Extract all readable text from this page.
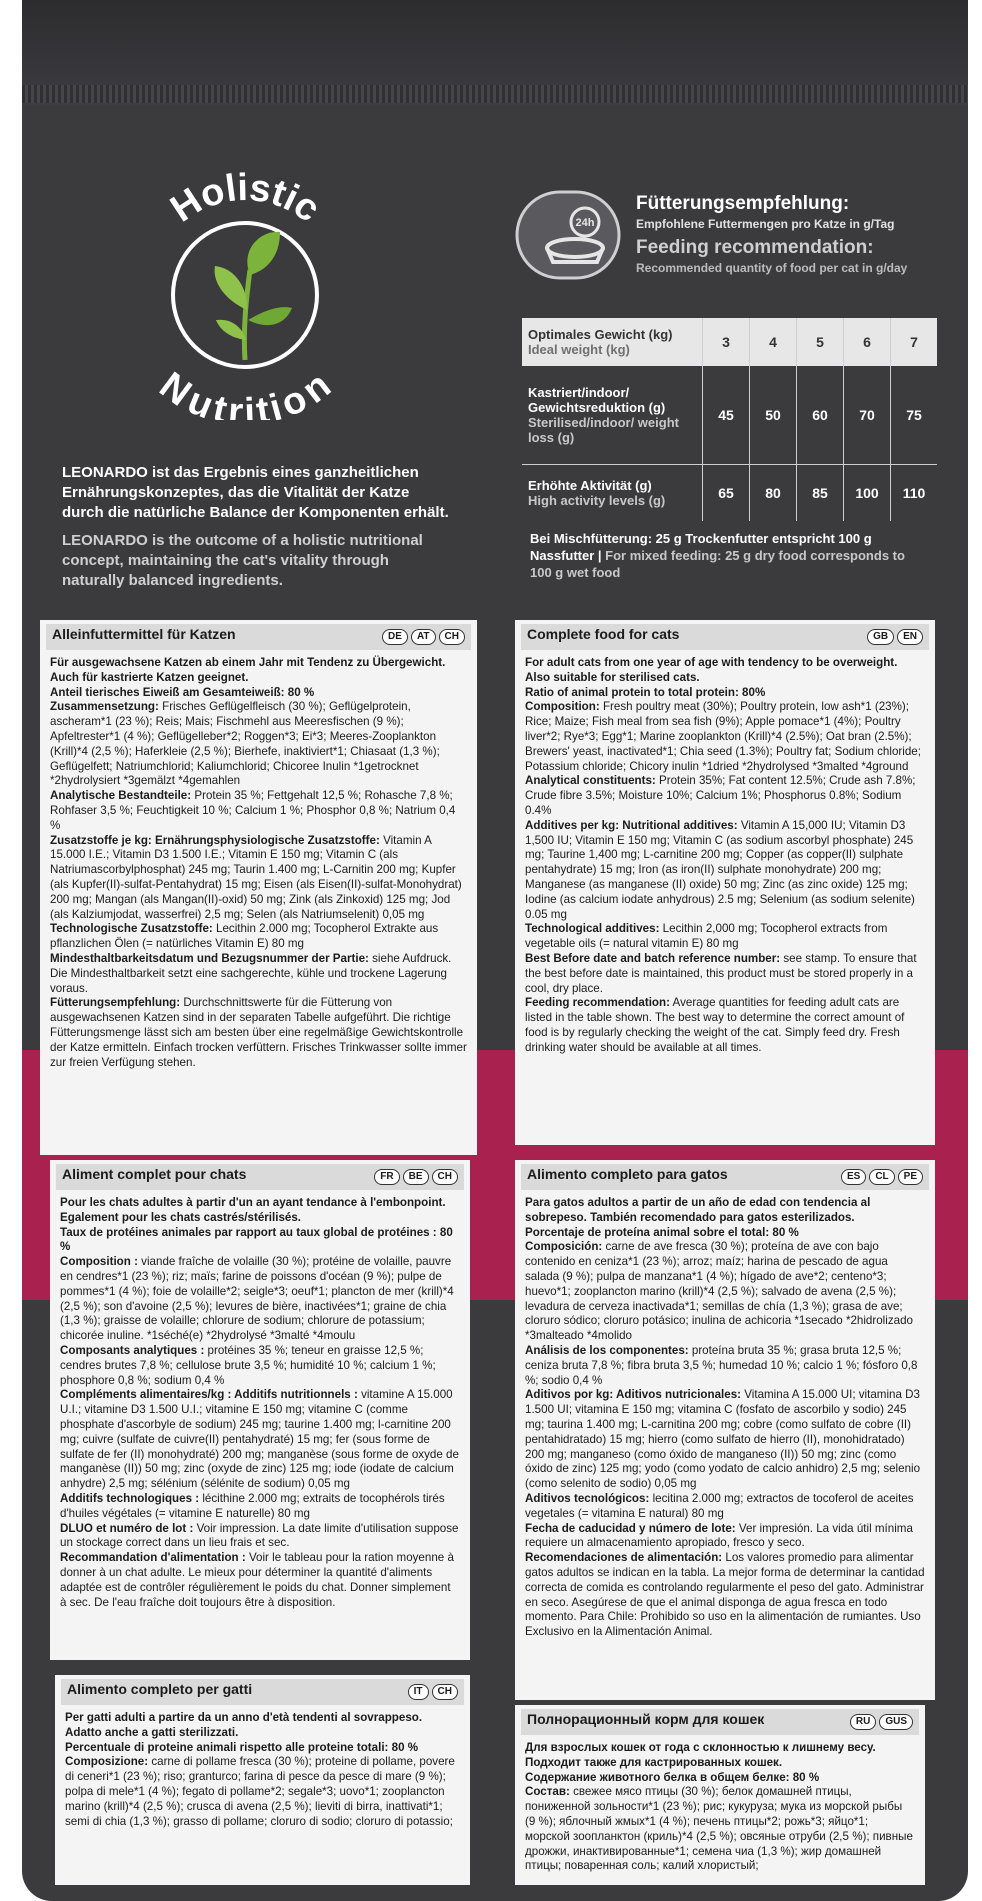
Holistic
Nutrition

LEONARDO ist das Ergebnis eines ganzheitlichen Ernährungskonzeptes, das die Vitalität der Katze durch die natürliche Balance der Komponenten erhält.

LEONARDO is the outcome of a holistic nutritional concept, maintaining the cat's vitality through naturally balanced ingredients.

24h
Fütterungsempfehlung:
Empfohlene Futtermengen pro Katze in g/Tag
Feeding recommendation:
Recommended quantity of food per cat in g/day
Optimales Gewicht (kg)
Ideal weight (kg)	3	4	5	6	7

Kastriert/indoor/ Gewichtsreduktion (g)
Sterilised/indoor/ weight loss (g)	45	50	60	70	75

Erhöhte Aktivität (g)
High activity levels (g)	65	80	85	100	110
Bei Mischfütterung: 25 g Trockenfutter entspricht 100 g Nassfutter | For mixed feeding: 25 g dry food corresponds to 100 g wet food
Alleinfuttermittel für Katzen	DE AT CH

Für ausgewachsene Katzen ab einem Jahr mit Tendenz zu Übergewicht. Auch für kastrierte Katzen geeignet.

Anteil tierisches Eiweiß am Gesamteiweiß: 80 %

Zusammensetzung: Frisches Geflügelfleisch (30 %); Geflügelprotein, ascheram*1 (23 %); Reis; Mais; Fischmehl aus Meeresfischen (9 %); Apfeltrester*1 (4 %); Geflügelleber*2; Roggen*3; Ei*3; Meeres-Zooplankton (Krill)*4 (2,5 %); Haferkleie (2,5 %); Bierhefe, inaktiviert*1; Chiasaat (1,3 %); Geflügelfett; Natriumchlorid; Kaliumchlorid; Chicoree Inulin *1getrocknet *2hydrolysiert *3gemälzt *4gemahlen

Analytische Bestandteile: Protein 35 %; Fettgehalt 12,5 %; Rohasche 7,8 %; Rohfaser 3,5 %; Feuchtigkeit 10 %; Calcium 1 %; Phosphor 0,8 %; Natrium 0,4 %

Zusatzstoffe je kg: Ernährungsphysiologische Zusatzstoffe: Vitamin A 15.000 I.E.; Vitamin D3 1.500 I.E.; Vitamin E 150 mg; Vitamin C (als Natriumascorbylphosphat) 245 mg; Taurin 1.400 mg; L-Carnitin 200 mg; Kupfer (als Kupfer(II)-sulfat-Pentahydrat) 15 mg; Eisen (als Eisen(II)-sulfat-Monohydrat) 200 mg; Mangan (als Mangan(II)-oxid) 50 mg; Zink (als Zinkoxid) 125 mg; Jod (als Kalziumjodat, wasserfrei) 2,5 mg; Selen (als Natriumselenit) 0,05 mg

Technologische Zusatzstoffe: Lecithin 2.000 mg; Tocopherol Extrakte aus pflanzlichen Ölen (= natürliches Vitamin E) 80 mg

Mindesthaltbarkeitsdatum und Bezugsnummer der Partie: siehe Aufdruck. Die Mindesthaltbarkeit setzt eine sachgerechte, kühle und trockene Lagerung voraus.

Fütterungsempfehlung: Durchschnittswerte für die Fütterung von ausgewachsenen Katzen sind in der separaten Tabelle aufgeführt. Die richtige Fütterungsmenge lässt sich am besten über eine regelmäßige Gewichtskontrolle der Katze ermitteln. Einfach trocken verfüttern. Frisches Trinkwasser sollte immer zur freien Verfügung stehen.

Complete food for cats	GB EN

For adult cats from one year of age with tendency to be overweight. Also suitable for sterilised cats.

Ratio of animal protein to total protein: 80%

Composition: Fresh poultry meat (30%); Poultry protein, low ash*1 (23%); Rice; Maize; Fish meal from sea fish (9%); Apple pomace*1 (4%); Poultry liver*2; Rye*3; Egg*1; Marine zooplankton (Krill)*4 (2.5%); Oat bran (2.5%); Brewers' yeast, inactivated*1; Chia seed (1.3%); Poultry fat; Sodium chloride; Potassium chloride; Chicory inulin *1dried *2hydrolysed *3malted *4ground

Analytical constituents: Protein 35%; Fat content 12.5%; Crude ash 7.8%; Crude fibre 3.5%; Moisture 10%; Calcium 1%; Phosphorus 0.8%; Sodium 0.4%

Additives per kg: Nutritional additives: Vitamin A 15,000 IU; Vitamin D3 1,500 IU; Vitamin E 150 mg; Vitamin C (as sodium ascorbyl phosphate) 245 mg; Taurine 1,400 mg; L-carnitine 200 mg; Copper (as copper(II) sulphate pentahydrate) 15 mg; Iron (as iron(II) sulphate monohydrate) 200 mg; Manganese (as manganese (II) oxide) 50 mg; Zinc (as zinc oxide) 125 mg; Iodine (as calcium iodate anhydrous) 2.5 mg; Selenium (as sodium selenite) 0.05 mg

Technological additives: Lecithin 2,000 mg; Tocopherol extracts from vegetable oils (= natural vitamin E) 80 mg

Best Before date and batch reference number: see stamp. To ensure that the best before date is maintained, this product must be stored properly in a cool, dry place.

Feeding recommendation: Average quantities for feeding adult cats are listed in the table shown. The best way to determine the correct amount of food is by regularly checking the weight of the cat. Simply feed dry. Fresh drinking water should be available at all times.

Aliment complet pour chats	FR BE CH

Pour les chats adultes à partir d'un an ayant tendance à l'embonpoint. Egalement pour les chats castrés/stérilisés.

Taux de protéines animales par rapport au taux global de protéines : 80 %

Composition : viande fraîche de volaille (30 %); protéine de volaille, pauvre en cendres*1 (23 %); riz; maïs; farine de poissons d'océan (9 %); pulpe de pommes*1 (4 %); foie de volaille*2; seigle*3; oeuf*1; plancton de mer (krill)*4 (2,5 %); son d'avoine (2,5 %); levures de bière, inactivées*1; graine de chia (1,3 %); graisse de volaille; chlorure de sodium; chlorure de potassium; chicorée inuline. *1séché(e) *2hydrolysé *3malté *4moulu

Composants analytiques : protéines 35 %; teneur en graisse 12,5 %; cendres brutes 7,8 %; cellulose brute 3,5 %; humidité 10 %; calcium 1 %; phosphore 0,8 %; sodium 0,4 %

Compléments alimentaires/kg : Additifs nutritionnels : vitamine A 15.000 U.I.; vitamine D3 1.500 U.I.; vitamine E 150 mg; vitamine C (comme phosphate d'ascorbyle de sodium) 245 mg; taurine 1.400 mg; l-carnitine 200 mg; cuivre (sulfate de cuivre(II) pentahydraté) 15 mg; fer (sous forme de sulfate de fer (II) monohydraté) 200 mg; manganèse (sous forme de oxyde de manganèse (II)) 50 mg; zinc (oxyde de zinc) 125 mg; iode (iodate de calcium anhydre) 2,5 mg; sélénium (sélénite de sodium) 0,05 mg

Additifs technologiques : lécithine 2.000 mg; extraits de tocophérols tirés d'huiles végétales (= vitamine E naturelle) 80 mg

DLUO et numéro de lot : Voir impression. La date limite d'utilisation suppose un stockage correct dans un lieu frais et sec.

Recommandation d'alimentation : Voir le tableau pour la ration moyenne à donner à un chat adulte. Le mieux pour déterminer la quantité d'aliments adaptée est de contrôler régulièrement le poids du chat. Donner simplement à sec. De l'eau fraîche doit toujours être à disposition.

Alimento completo para gatos	ES CL PE

Para gatos adultos a partir de un año de edad con tendencia al sobrepeso. También recomendado para gatos esterilizados.

Porcentaje de proteína animal sobre el total: 80 %

Composición: carne de ave fresca (30 %); proteína de ave con bajo contenido en ceniza*1 (23 %); arroz; maíz; harina de pescado de agua salada (9 %); pulpa de manzana*1 (4 %); hígado de ave*2; centeno*3; huevo*1; zooplancton marino (krill)*4 (2,5 %); salvado de avena (2,5 %); levadura de cerveza inactivada*1; semillas de chía (1,3 %); grasa de ave; cloruro sódico; cloruro potásico; inulina de achicoria *1secado *2hidrolizado *3malteado *4molido

Análisis de los componentes: proteína bruta 35 %; grasa bruta 12,5 %; ceniza bruta 7,8 %; fibra bruta 3,5 %; humedad 10 %; calcio 1 %; fósforo 0,8 %; sodio 0,4 %

Aditivos por kg: Aditivos nutricionales: Vitamina A 15.000 UI; vitamina D3 1.500 UI; vitamina E 150 mg; vitamina C (fosfato de ascorbilo y sodio) 245 mg; taurina 1.400 mg; L-carnitina 200 mg; cobre (como sulfato de cobre (II) pentahidratado) 15 mg; hierro (como sulfato de hierro (II), monohidratado) 200 mg; manganeso (como óxido de manganeso (II)) 50 mg; zinc (como óxido de zinc) 125 mg; yodo (como yodato de calcio anhidro) 2,5 mg; selenio (como selenito de sodio) 0,05 mg

Aditivos tecnológicos: lecitina 2.000 mg; extractos de tocoferol de aceites vegetales (= vitamina E natural) 80 mg

Fecha de caducidad y número de lote: Ver impresión. La vida útil mínima requiere un almacenamiento apropiado, fresco y seco.

Recomendaciones de alimentación: Los valores promedio para alimentar gatos adultos se indican en la tabla. La mejor forma de determinar la cantidad correcta de comida es controlando regularmente el peso del gato. Administrar en seco. Asegúrese de que el animal disponga de agua fresca en todo momento. Para Chile: Prohibido so uso en la alimentación de rumiantes. Uso Exclusivo en la Alimentación Animal.

Alimento completo per gatti	IT CH

Per gatti adulti a partire da un anno d'età tendenti al sovrappeso. Adatto anche a gatti sterilizzati.

Percentuale di proteine animali rispetto alle proteine totali: 80 %

Composizione: carne di pollame fresca (30 %); proteine di pollame, povere di ceneri*1 (23 %); riso; granturco; farina di pesce da pesce di mare (9 %); polpa di mele*1 (4 %); fegato di pollame*2; segale*3; uovo*1; zooplancton marino (krill)*4 (2,5 %); crusca di avena (2,5 %); lieviti di birra, inattivati*1; semi di chia (1,3 %); grasso di pollame; cloruro di sodio; cloruro di potassio;

Полнорационный корм для кошек	RU GUS

Для взрослых кошек от года с склонностью к лишнему весу. Подходит также для кастрированных кошек.

Содержание животного белка в общем белке: 80 %

Состав: свежее мясо птицы (30 %); белок домашней птицы, пониженной зольности*1 (23 %); рис; кукуруза; мука из морской рыбы (9 %); яблочный жмых*1 (4 %); печень птицы*2; рожь*3; яйцо*1; морской зоопланктон (криль)*4 (2,5 %); овсяные отруби (2,5 %); пивные дрожжи, инактивированные*1; семена чиа (1,3 %); жир домашней птицы; поваренная соль; калий хлористый;
